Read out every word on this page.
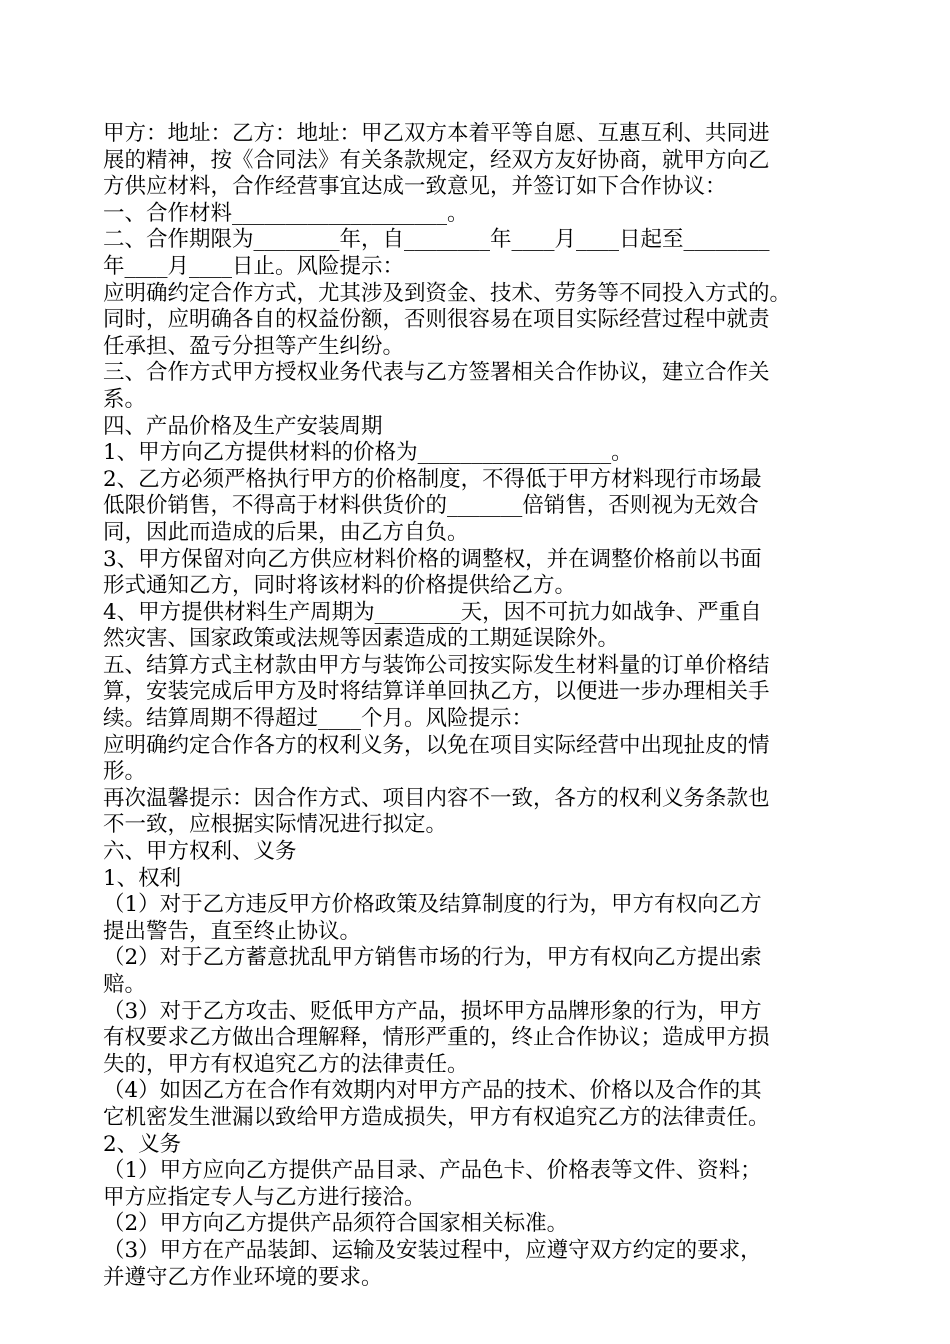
甲方：地址：乙方：地址：甲乙双方本着平等自愿、互惠互利、共同进
展的精神，按《合同法》有关条款规定，经双方友好协商，就甲方向乙
方供应材料，合作经营事宜达成一致意见，并签订如下合作协议：
一、合作材料____________________。
二、合作期限为________年，自________年____月____日起至________
年____月____日止。风险提示：
应明确约定合作方式，尤其涉及到资金、技术、劳务等不同投入方式的。
同时，应明确各自的权益份额，否则很容易在项目实际经营过程中就责
任承担、盈亏分担等产生纠纷。
三、合作方式甲方授权业务代表与乙方签署相关合作协议，建立合作关
系。
四、产品价格及生产安装周期
1、甲方向乙方提供材料的价格为__________________。
2、乙方必须严格执行甲方的价格制度，不得低于甲方材料现行市场最
低限价销售，不得高于材料供货价的_______倍销售，否则视为无效合
同，因此而造成的后果，由乙方自负。
3、甲方保留对向乙方供应材料价格的调整权，并在调整价格前以书面
形式通知乙方，同时将该材料的价格提供给乙方。
4、甲方提供材料生产周期为________天，因不可抗力如战争、严重自
然灾害、国家政策或法规等因素造成的工期延误除外。
五、结算方式主材款由甲方与装饰公司按实际发生材料量的订单价格结
算，安装完成后甲方及时将结算详单回执乙方，以便进一步办理相关手
续。结算周期不得超过____个月。风险提示：
应明确约定合作各方的权利义务，以免在项目实际经营中出现扯皮的情
形。
再次温馨提示：因合作方式、项目内容不一致，各方的权利义务条款也
不一致，应根据实际情况进行拟定。
六、甲方权利、义务
1、权利
（1）对于乙方违反甲方价格政策及结算制度的行为，甲方有权向乙方
提出警告，直至终止协议。
（2）对于乙方蓄意扰乱甲方销售市场的行为，甲方有权向乙方提出索
赔。
（3）对于乙方攻击、贬低甲方产品，损坏甲方品牌形象的行为，甲方
有权要求乙方做出合理解释，情形严重的，终止合作协议；造成甲方损
失的，甲方有权追究乙方的法律责任。
（4）如因乙方在合作有效期内对甲方产品的技术、价格以及合作的其
它机密发生泄漏以致给甲方造成损失，甲方有权追究乙方的法律责任。
2、义务
（1）甲方应向乙方提供产品目录、产品色卡、价格表等文件、资料；
甲方应指定专人与乙方进行接洽。
（2）甲方向乙方提供产品须符合国家相关标准。
（3）甲方在产品装卸、运输及安装过程中，应遵守双方约定的要求，
并遵守乙方作业环境的要求。
